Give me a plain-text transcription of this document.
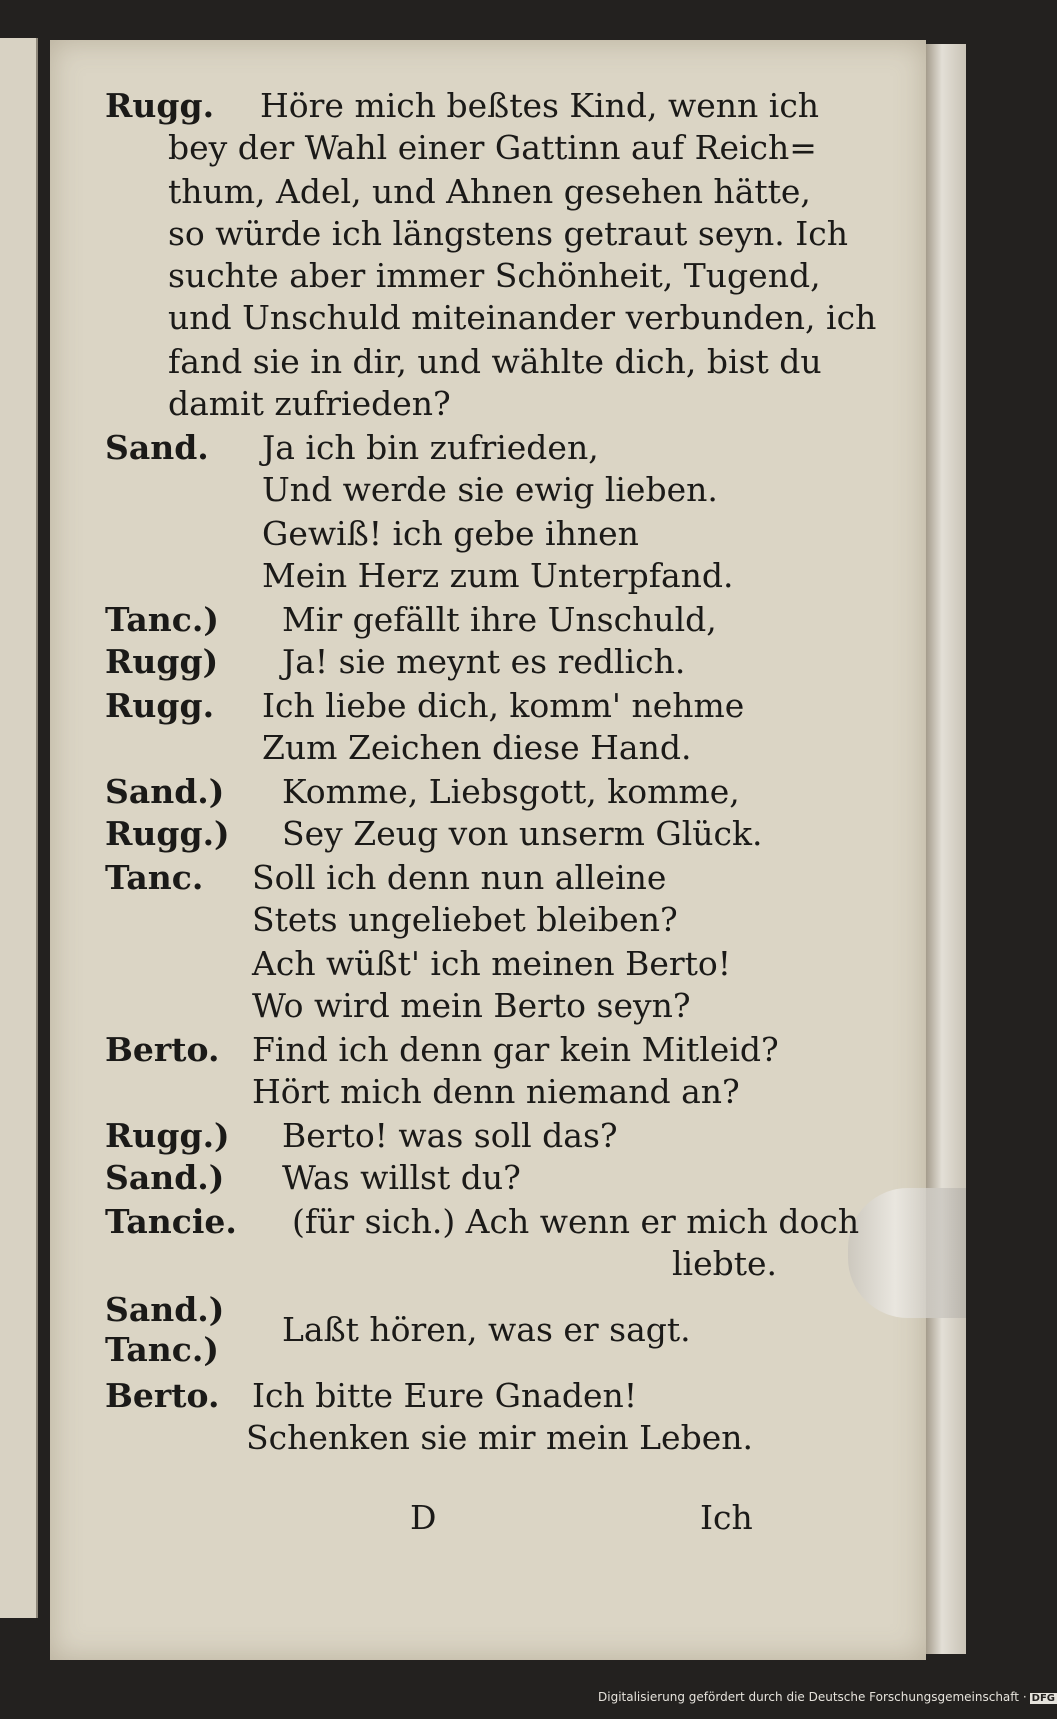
Rugg. Höre mich beßtes Kind, wenn ich
bey der Wahl einer Gattinn auf Reich=
thum, Adel, und Ahnen gesehen hätte,
so würde ich längstens getraut seyn. Ich
suchte aber immer Schönheit, Tugend,
und Unschuld miteinander verbunden, ich
fand sie in dir, und wählte dich, bist du
damit zufrieden?
Sand. Ja ich bin zufrieden,
Und werde sie ewig lieben.
Gewiß! ich gebe ihnen
Mein Herz zum Unterpfand.
Tanc.) Mir gefällt ihre Unschuld,
Rugg) Ja! sie meynt es redlich.
Rugg. Ich liebe dich, komm' nehme
Zum Zeichen diese Hand.
Sand.) Komme, Liebsgott, komme,
Rugg.) Sey Zeug von unserm Glück.
Tanc. Soll ich denn nun alleine
Stets ungeliebet bleiben?
Ach wüßt' ich meinen Berto!
Wo wird mein Berto seyn?
Berto. Find ich denn gar kein Mitleid?
Hört mich denn niemand an?
Rugg.) Berto! was soll das?
Sand.) Was willst du?
Tancie. (für sich.) Ach wenn er mich doch
liebte.
Sand.)
Tanc.)
Laßt hören, was er sagt.
Berto. Ich bitte Eure Gnaden!
Schenken sie mir mein Leben.
D	Ich
Digitalisierung gefördert durch die Deutsche Forschungsgemeinschaft · DFG
